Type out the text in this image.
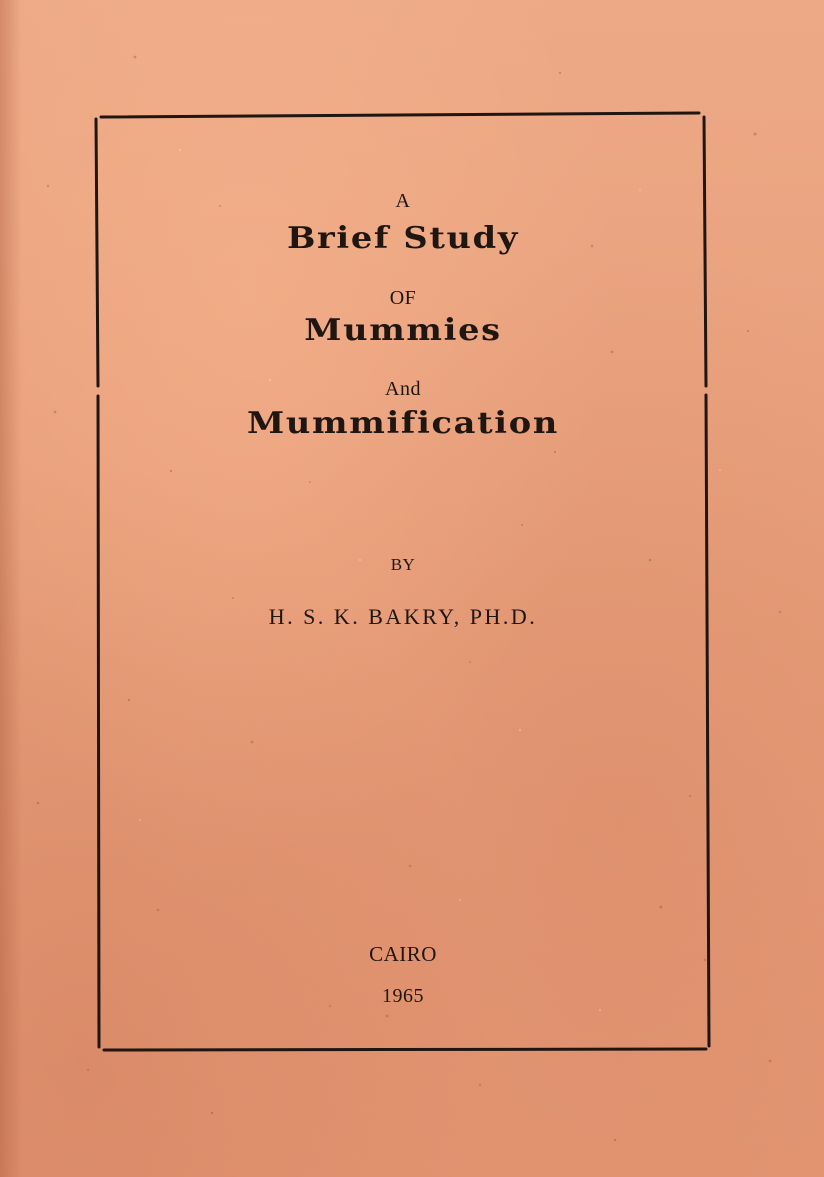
A
Brief Study
OF
Mummies
And
Mummification
BY
H. S. K. BAKRY, PH.D.
CAIRO
1965
